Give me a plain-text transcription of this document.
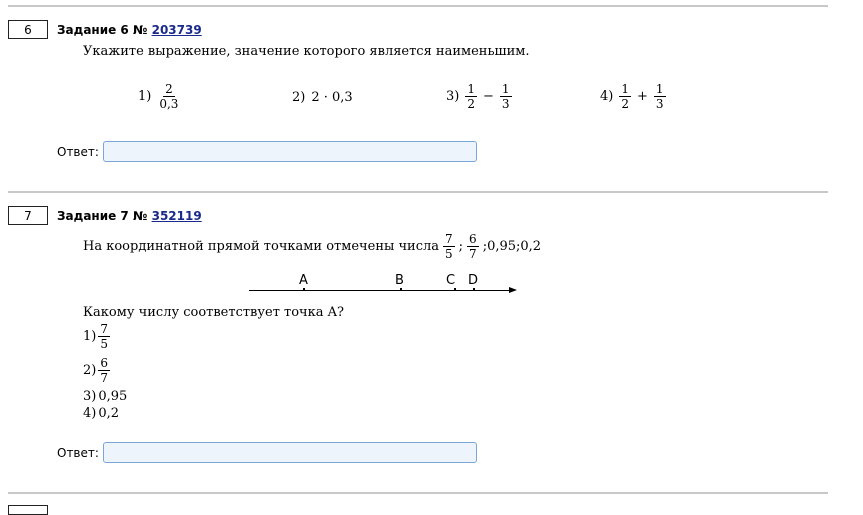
6	Задание 6 № 203739
Укажите выражение, значение которого является наименьшим.
$1) \frac{2}{0,3}$	2) 2 · 0,3	$3) \frac{1}{2} - \frac{1}{3}$	$4) \frac{1}{2} + \frac{1}{3}$
Ответ:
7	Задание 7 № 352119
На координатной прямой точками отмечены числа $\frac{7}{5}$ ; $\frac{6}{7}$ ;0,95;0,2
A	B	C D
Какому числу соответствует точка A?
$1) \frac{7}{5}$
$2) \frac{6}{7}$
3) 0,95
4) 0,2
Ответ:
